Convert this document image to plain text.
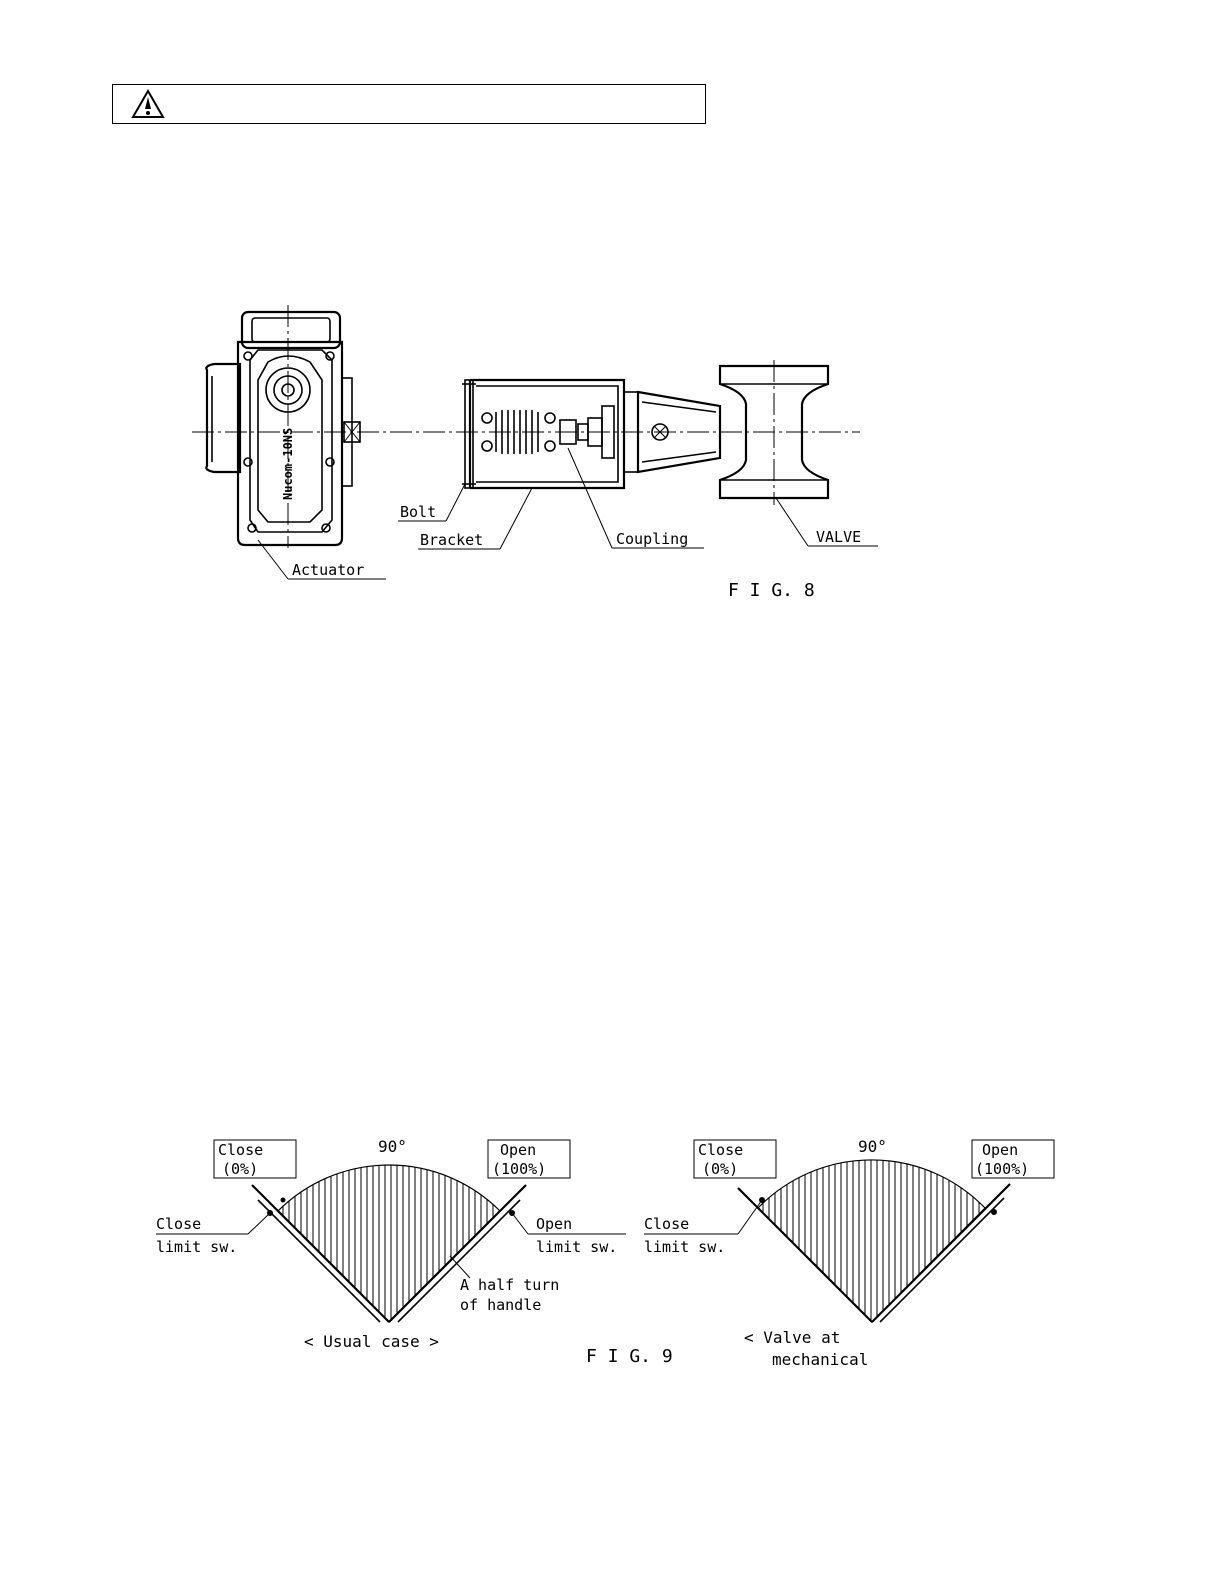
Nucom-10NS
Bolt
Bracket	Coupling	VALVE
Actuator
F I G. 8
90°
Close
(0%)
Open
(100%)
Close
limit sw.
Open
limit sw.
A half turn
of handle
< Usual case >
F I G. 9
90°
Close
(0%)
Open
(100%)
Close
limit sw.
< Valve at
mechanical
